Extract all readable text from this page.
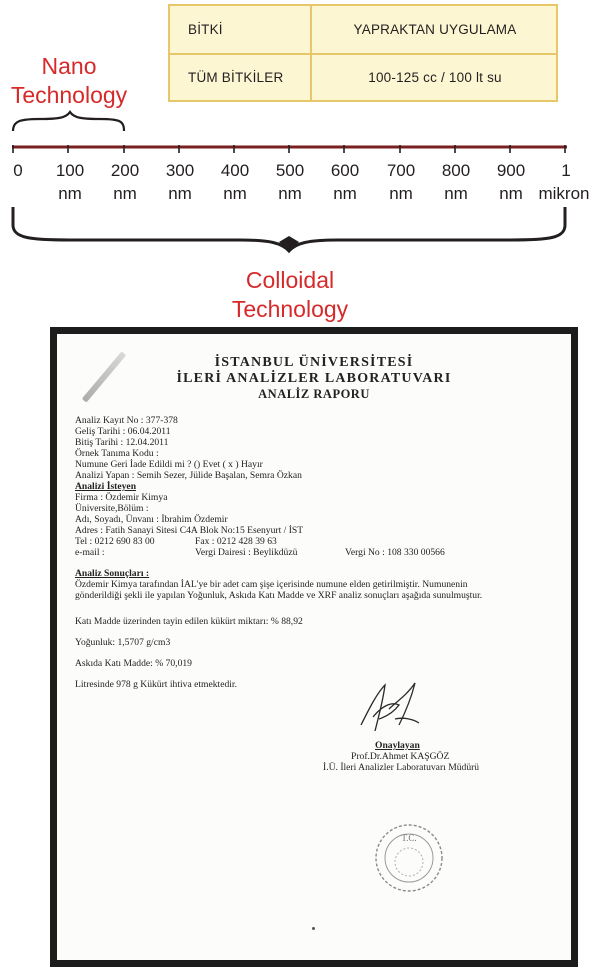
BİTKİ	YAPRAKTAN UYGULAMA
TÜM BİTKİLER	100-125 cc / 100 lt su
Nano
Technology
0	100	200	300	400	500	600	700	800	900	1
nm	nm	nm	nm	nm	nm	nm	nm	nm mikron
Colloidal
Technology
İSTANBUL ÜNİVERSİTESİ
İLERİ ANALİZLER LABORATUVARI
ANALİZ RAPORU
Analiz Kayıt No : 377-378
Geliş Tarihi : 06.04.2011
Bitiş Tarihi : 12.04.2011
Örnek Tanıma Kodu :
Numune Geri İade Edildi mi ? () Evet ( x ) Hayır
Analizi Yapan : Semih Sezer, Jülide Başalan, Semra Özkan
Analizi İsteyen
Firma : Özdemir Kimya
Üniversite,Bölüm :
Adı, Soyadı, Ünvanı : İbrahim Özdemir
Adres : Fatih Sanayi Sitesi C4A Blok No:15 Esenyurt / İST
Tel : 0212 690 83 00	Fax : 0212 428 39 63
e-mail :	Vergi Dairesi : Beylikdüzü	Vergi No : 108 330 00566
Analiz Sonuçları :
Özdemir Kimya tarafından İAL'ye bir adet cam şişe içerisinde numune elden getirilmiştir. Numunenin
gönderildiği şekli ile yapılan Yoğunluk, Askıda Katı Madde ve XRF analiz sonuçları aşağıda sunulmuştur.
Katı Madde üzerinden tayin edilen kükürt miktarı: % 88,92
Yoğunluk: 1,5707 g/cm3
Askıda Katı Madde: % 70,019
Litresinde 978 g Kükürt ihtiva etmektedir.
Onaylayan
Prof.Dr.Ahmet KAŞGÖZ
İ.Ü. İleri Analizler Laboratuvarı Müdürü
T.C.
